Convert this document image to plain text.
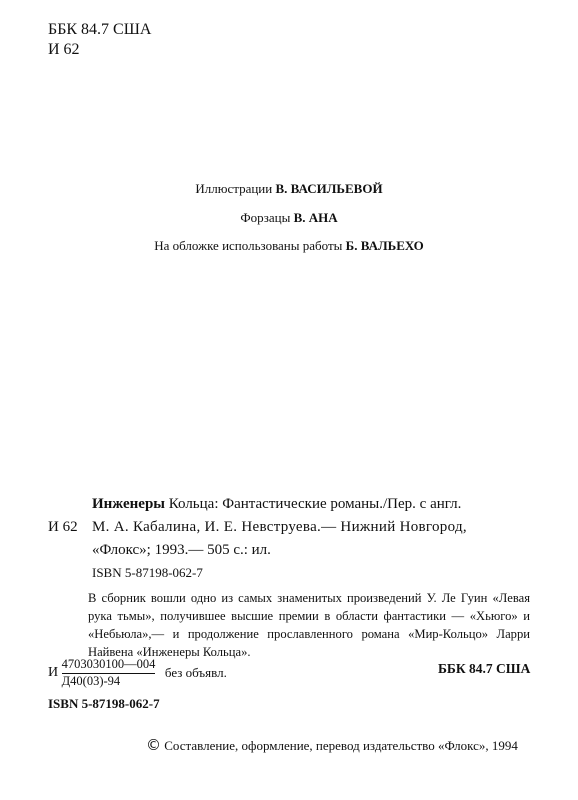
ББК 84.7 США
И 62
Иллюстрации В. ВАСИЛЬЕВОЙ
Форзацы В. АНА
На обложке использованы работы Б. ВАЛЬЕХО
Инженеры Кольца: Фантастические романы./Пер. с англ.
И 62 М. А. Кабалина, И. Е. Невструева.— Нижний Новгород,
«Флокс»; 1993.— 505 с.: ил.
ISBN 5-87198-062-7

В сборник вошли одно из самых знаменитых произведений У. Ле Гуин «Левая рука тьмы», получившее высшие премии в области фантастики — «Хьюго» и «Небьюла»,— и продолжение прославленного романа «Мир-Кольцо» Ларри Найвена «Инженеры Кольца».

И $\frac{4703030100—004}{Д40(03)-94}$ без объявл.	ББК 84.7 США
ISBN 5-87198-062-7
© Составление, оформление, перевод издательство «Флокс», 1994
